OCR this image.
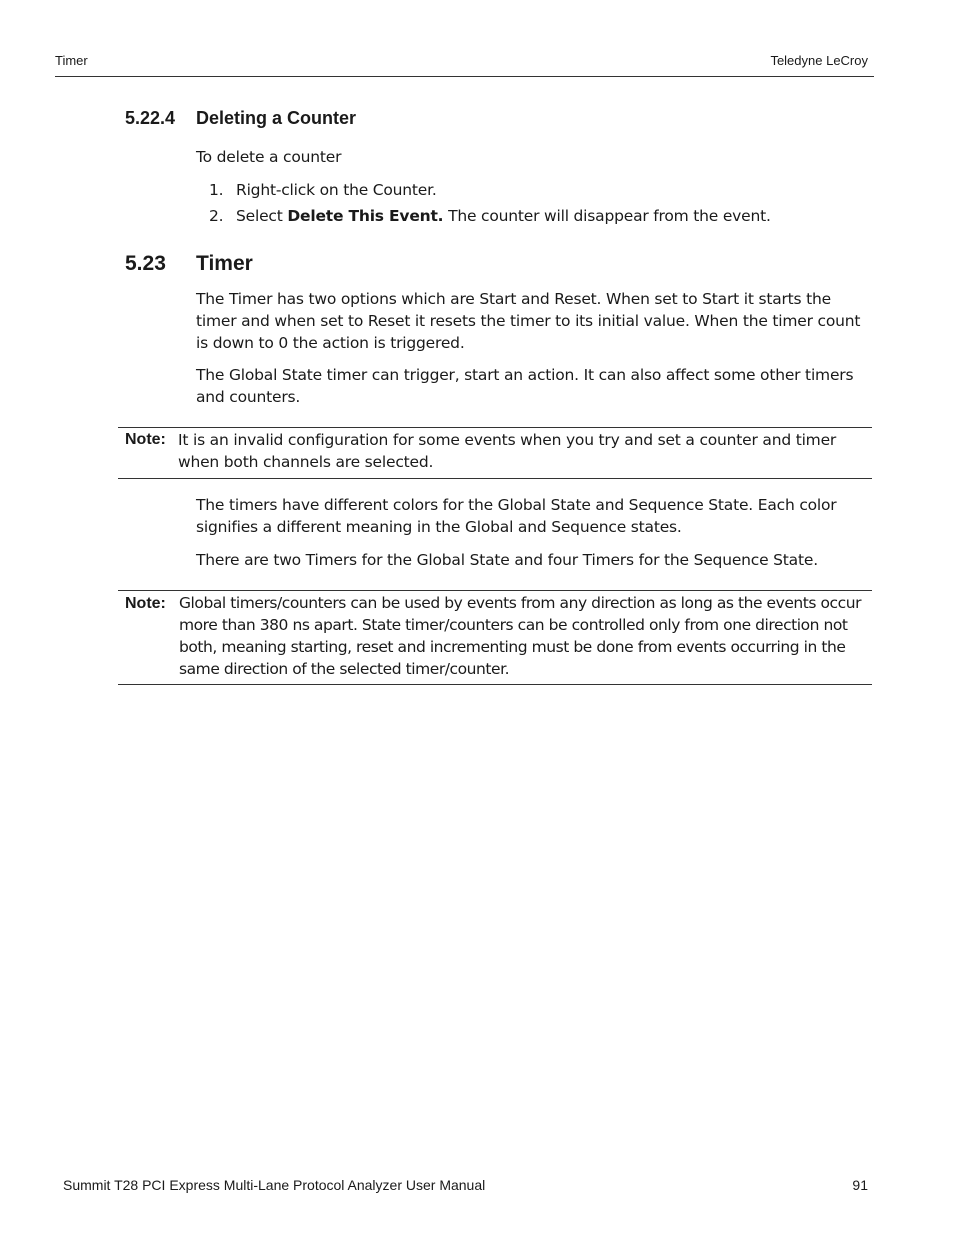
Timer	Teledyne LeCroy
5.22.4 Deleting a Counter
To delete a counter
1. Right-click on the Counter.
2. Select Delete This Event. The counter will disappear from the event.
5.23 Timer
The Timer has two options which are Start and Reset. When set to Start it starts the timer and when set to Reset it resets the timer to its initial value. When the timer count is down to 0 the action is triggered.
The Global State timer can trigger, start an action. It can also affect some other timers and counters.
Note: It is an invalid configuration for some events when you try and set a counter and timer when both channels are selected.
The timers have different colors for the Global State and Sequence State. Each color signifies a different meaning in the Global and Sequence states.
There are two Timers for the Global State and four Timers for the Sequence State.
Note: Global timers/counters can be used by events from any direction as long as the events occur more than 380 ns apart. State timer/counters can be controlled only from one direction not both, meaning starting, reset and incrementing must be done from events occurring in the same direction of the selected timer/counter.
Summit T28 PCI Express Multi-Lane Protocol Analyzer User Manual	91
